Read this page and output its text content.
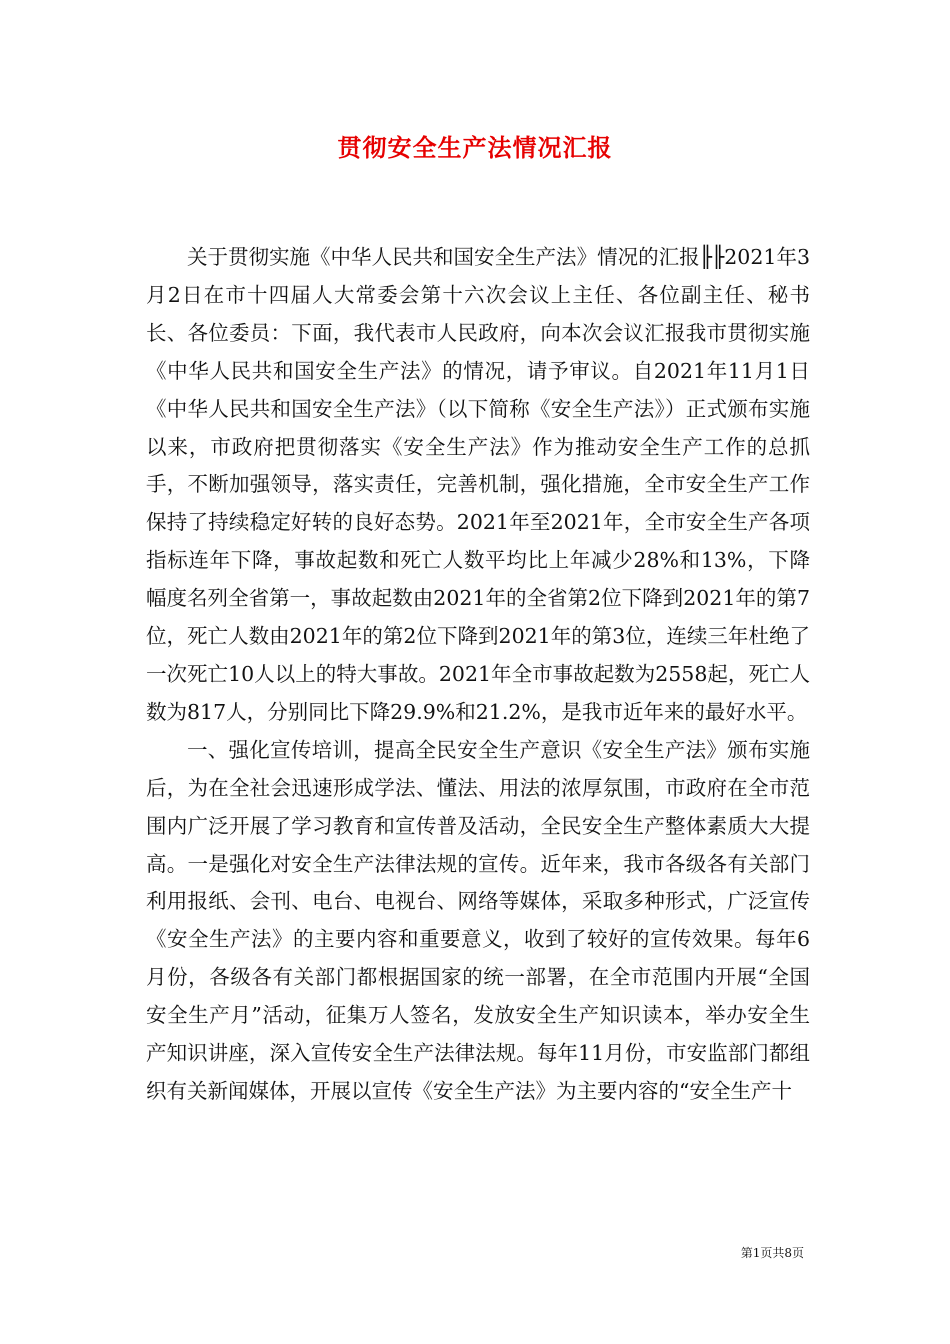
贯彻安全生产法情况汇报

关于贯彻实施《中华人民共和国安全生产法》情况的汇报╟╟2021年3月2日在市十四届人大常委会第十六次会议上主任、各位副主任、秘书长、各位委员：下面，我代表市人民政府，向本次会议汇报我市贯彻实施《中华人民共和国安全生产法》的情况，请予审议。自2021年11月1日《中华人民共和国安全生产法》（以下简称《安全生产法》）正式颁布实施以来，市政府把贯彻落实《安全生产法》作为推动安全生产工作的总抓手，不断加强领导，落实责任，完善机制，强化措施，全市安全生产工作保持了持续稳定好转的良好态势。2021年至2021年，全市安全生产各项指标连年下降，事故起数和死亡人数平均比上年减少28%和13%，下降幅度名列全省第一，事故起数由2021年的全省第2位下降到2021年的第7位，死亡人数由2021年的第2位下降到2021年的第3位，连续三年杜绝了一次死亡10人以上的特大事故。2021年全市事故起数为2558起，死亡人数为817人，分别同比下降29.9%和21.2%，是我市近年来的最好水平。

一、强化宣传培训，提高全民安全生产意识《安全生产法》颁布实施后，为在全社会迅速形成学法、懂法、用法的浓厚氛围，市政府在全市范围内广泛开展了学习教育和宣传普及活动，全民安全生产整体素质大大提高。一是强化对安全生产法律法规的宣传。近年来，我市各级各有关部门利用报纸、会刊、电台、电视台、网络等媒体，采取多种形式，广泛宣传《安全生产法》的主要内容和重要意义，收到了较好的宣传效果。每年6月份，各级各有关部门都根据国家的统一部署，在全市范围内开展“全国安全生产月”活动，征集万人签名，发放安全生产知识读本，举办安全生产知识讲座，深入宣传安全生产法律法规。每年11月份，市安监部门都组织有关新闻媒体，开展以宣传《安全生产法》为主要内容的“安全生产十

第1页共8页
